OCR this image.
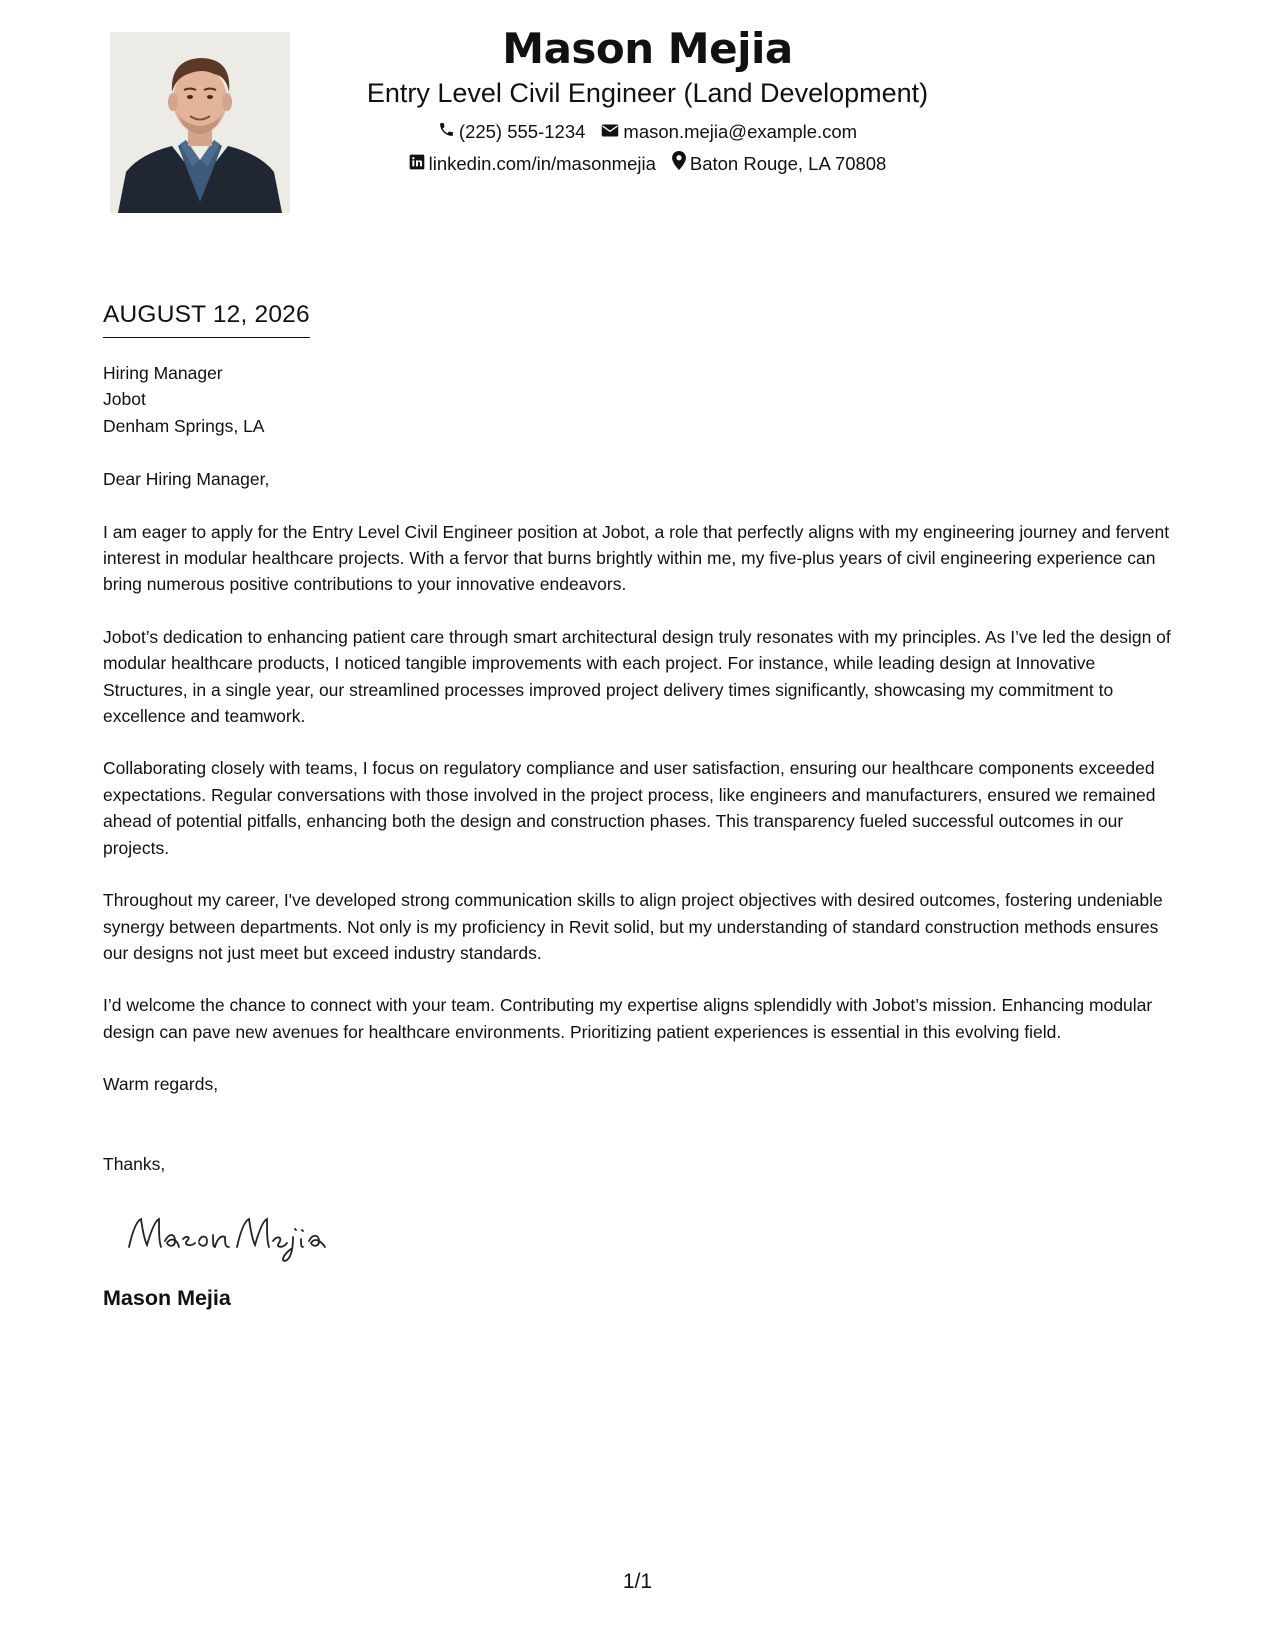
Mason Mejia
Entry Level Civil Engineer (Land Development)
(225) 555-1234 mason.mejia@example.com
linkedin.com/in/masonmejia Baton Rouge, LA 70808
AUGUST 12, 2026
Hiring Manager
Jobot
Denham Springs, LA
Dear Hiring Manager,

I am eager to apply for the Entry Level Civil Engineer position at Jobot, a role that perfectly aligns with my engineering journey and fervent interest in modular healthcare projects. With a fervor that burns brightly within me, my five-plus years of civil engineering experience can bring numerous positive contributions to your innovative endeavors.

Jobot’s dedication to enhancing patient care through smart architectural design truly resonates with my principles. As I’ve led the design of modular healthcare products, I noticed tangible improvements with each project. For instance, while leading design at Innovative Structures, in a single year, our streamlined processes improved project delivery times significantly, showcasing my commitment to excellence and teamwork.

Collaborating closely with teams, I focus on regulatory compliance and user satisfaction, ensuring our healthcare components exceeded expectations. Regular conversations with those involved in the project process, like engineers and manufacturers, ensured we remained ahead of potential pitfalls, enhancing both the design and construction phases. This transparency fueled successful outcomes in our projects.

Throughout my career, I've developed strong communication skills to align project objectives with desired outcomes, fostering undeniable synergy between departments. Not only is my proficiency in Revit solid, but my understanding of standard construction methods ensures our designs not just meet but exceed industry standards.

I’d welcome the chance to connect with your team. Contributing my expertise aligns splendidly with Jobot’s mission. Enhancing modular design can pave new avenues for healthcare environments. Prioritizing patient experiences is essential in this evolving field.

Warm regards,
Thanks,
Mason Mejia
1/1
